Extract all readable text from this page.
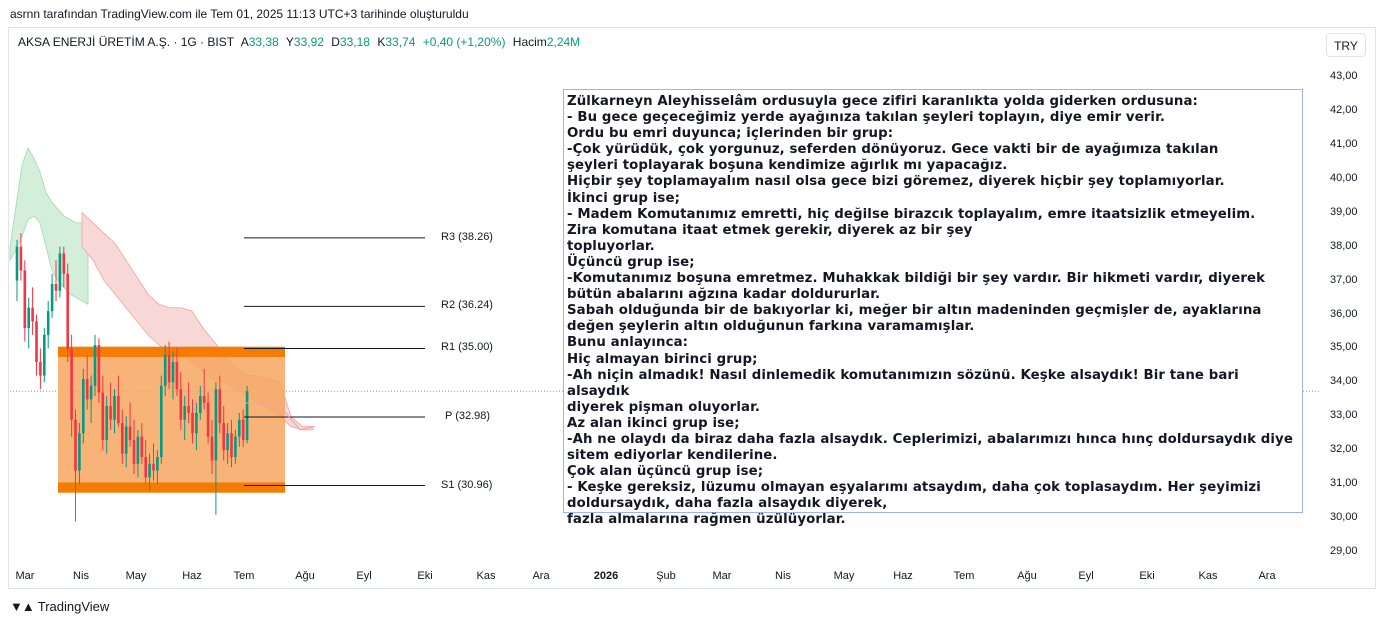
asrnn tarafından TradingView.com ile Tem 01, 2025 11:13 UTC+3 tarihinde oluşturuldu
AKSA ENERJİ ÜRETİM A.Ş. · 1G · BIST A33,38 Y33,92 D33,18 K33,74 +0,40 (+1,20%) Hacim2,24M	TRY
43,00
42,00
41,00
40,00
39,00
38,00
37,00
36,00
35,00
34,00
33,00
32,00
31,00
30,00
29,00
Mar	Nis	May	Haz	Tem	Ağu	Eyl	Eki	Kas	Ara	2026	Şub	Mar	Nis	May	Haz	Tem	Ağu	Eyl	Eki	Kas	Ara
R3 (38.26)
R2 (36.24)
R1 (35.00)
P (32.98)
S1 (30.96)
Zülkarneyn Aleyhisselâm ordusuyla gece zifiri karanlıkta yolda giderken ordusuna:
- Bu gece geçeceğimiz yerde ayağınıza takılan şeyleri toplayın, diye emir verir.
Ordu bu emri duyunca; içlerinden bir grup:
-Çok yürüdük, çok yorgunuz, seferden dönüyoruz. Gece vakti bir de ayağımıza takılan
şeyleri toplayarak boşuna kendimize ağırlık mı yapacağız.
Hiçbir şey toplamayalım nasıl olsa gece bizi göremez, diyerek hiçbir şey toplamıyorlar.
İkinci grup ise;
- Madem Komutanımız emretti, hiç değilse birazcık toplayalım, emre itaatsizlik etmeyelim.
Zira komutana itaat etmek gerekir, diyerek az bir şey
topluyorlar.
Üçüncü grup ise;
-Komutanımız boşuna emretmez. Muhakkak bildiği bir şey vardır. Bir hikmeti vardır, diyerek
bütün abalarını ağzına kadar doldururlar.
Sabah olduğunda bir de bakıyorlar ki, meğer bir altın madeninden geçmişler de, ayaklarına
değen şeylerin altın olduğunun farkına varamamışlar.
Bunu anlayınca:
Hiç almayan birinci grup;
-Ah niçin almadık! Nasıl dinlemedik komutanımızın sözünü. Keşke alsaydık! Bir tane bari alsaydık
diyerek pişman oluyorlar.
Az alan ikinci grup ise;
-Ah ne olaydı da biraz daha fazla alsaydık. Ceplerimizi, abalarımızı hınca hınç doldursaydık diye
sitem ediyorlar kendilerine.
Çok alan üçüncü grup ise;
- Keşke gereksiz, lüzumu olmayan eşyalarımı atsaydım, daha çok toplasaydım. Her şeyimizi
doldursaydık, daha fazla alsaydık diyerek,
fazla almalarına rağmen üzülüyorlar.
▼▲ TradingView
